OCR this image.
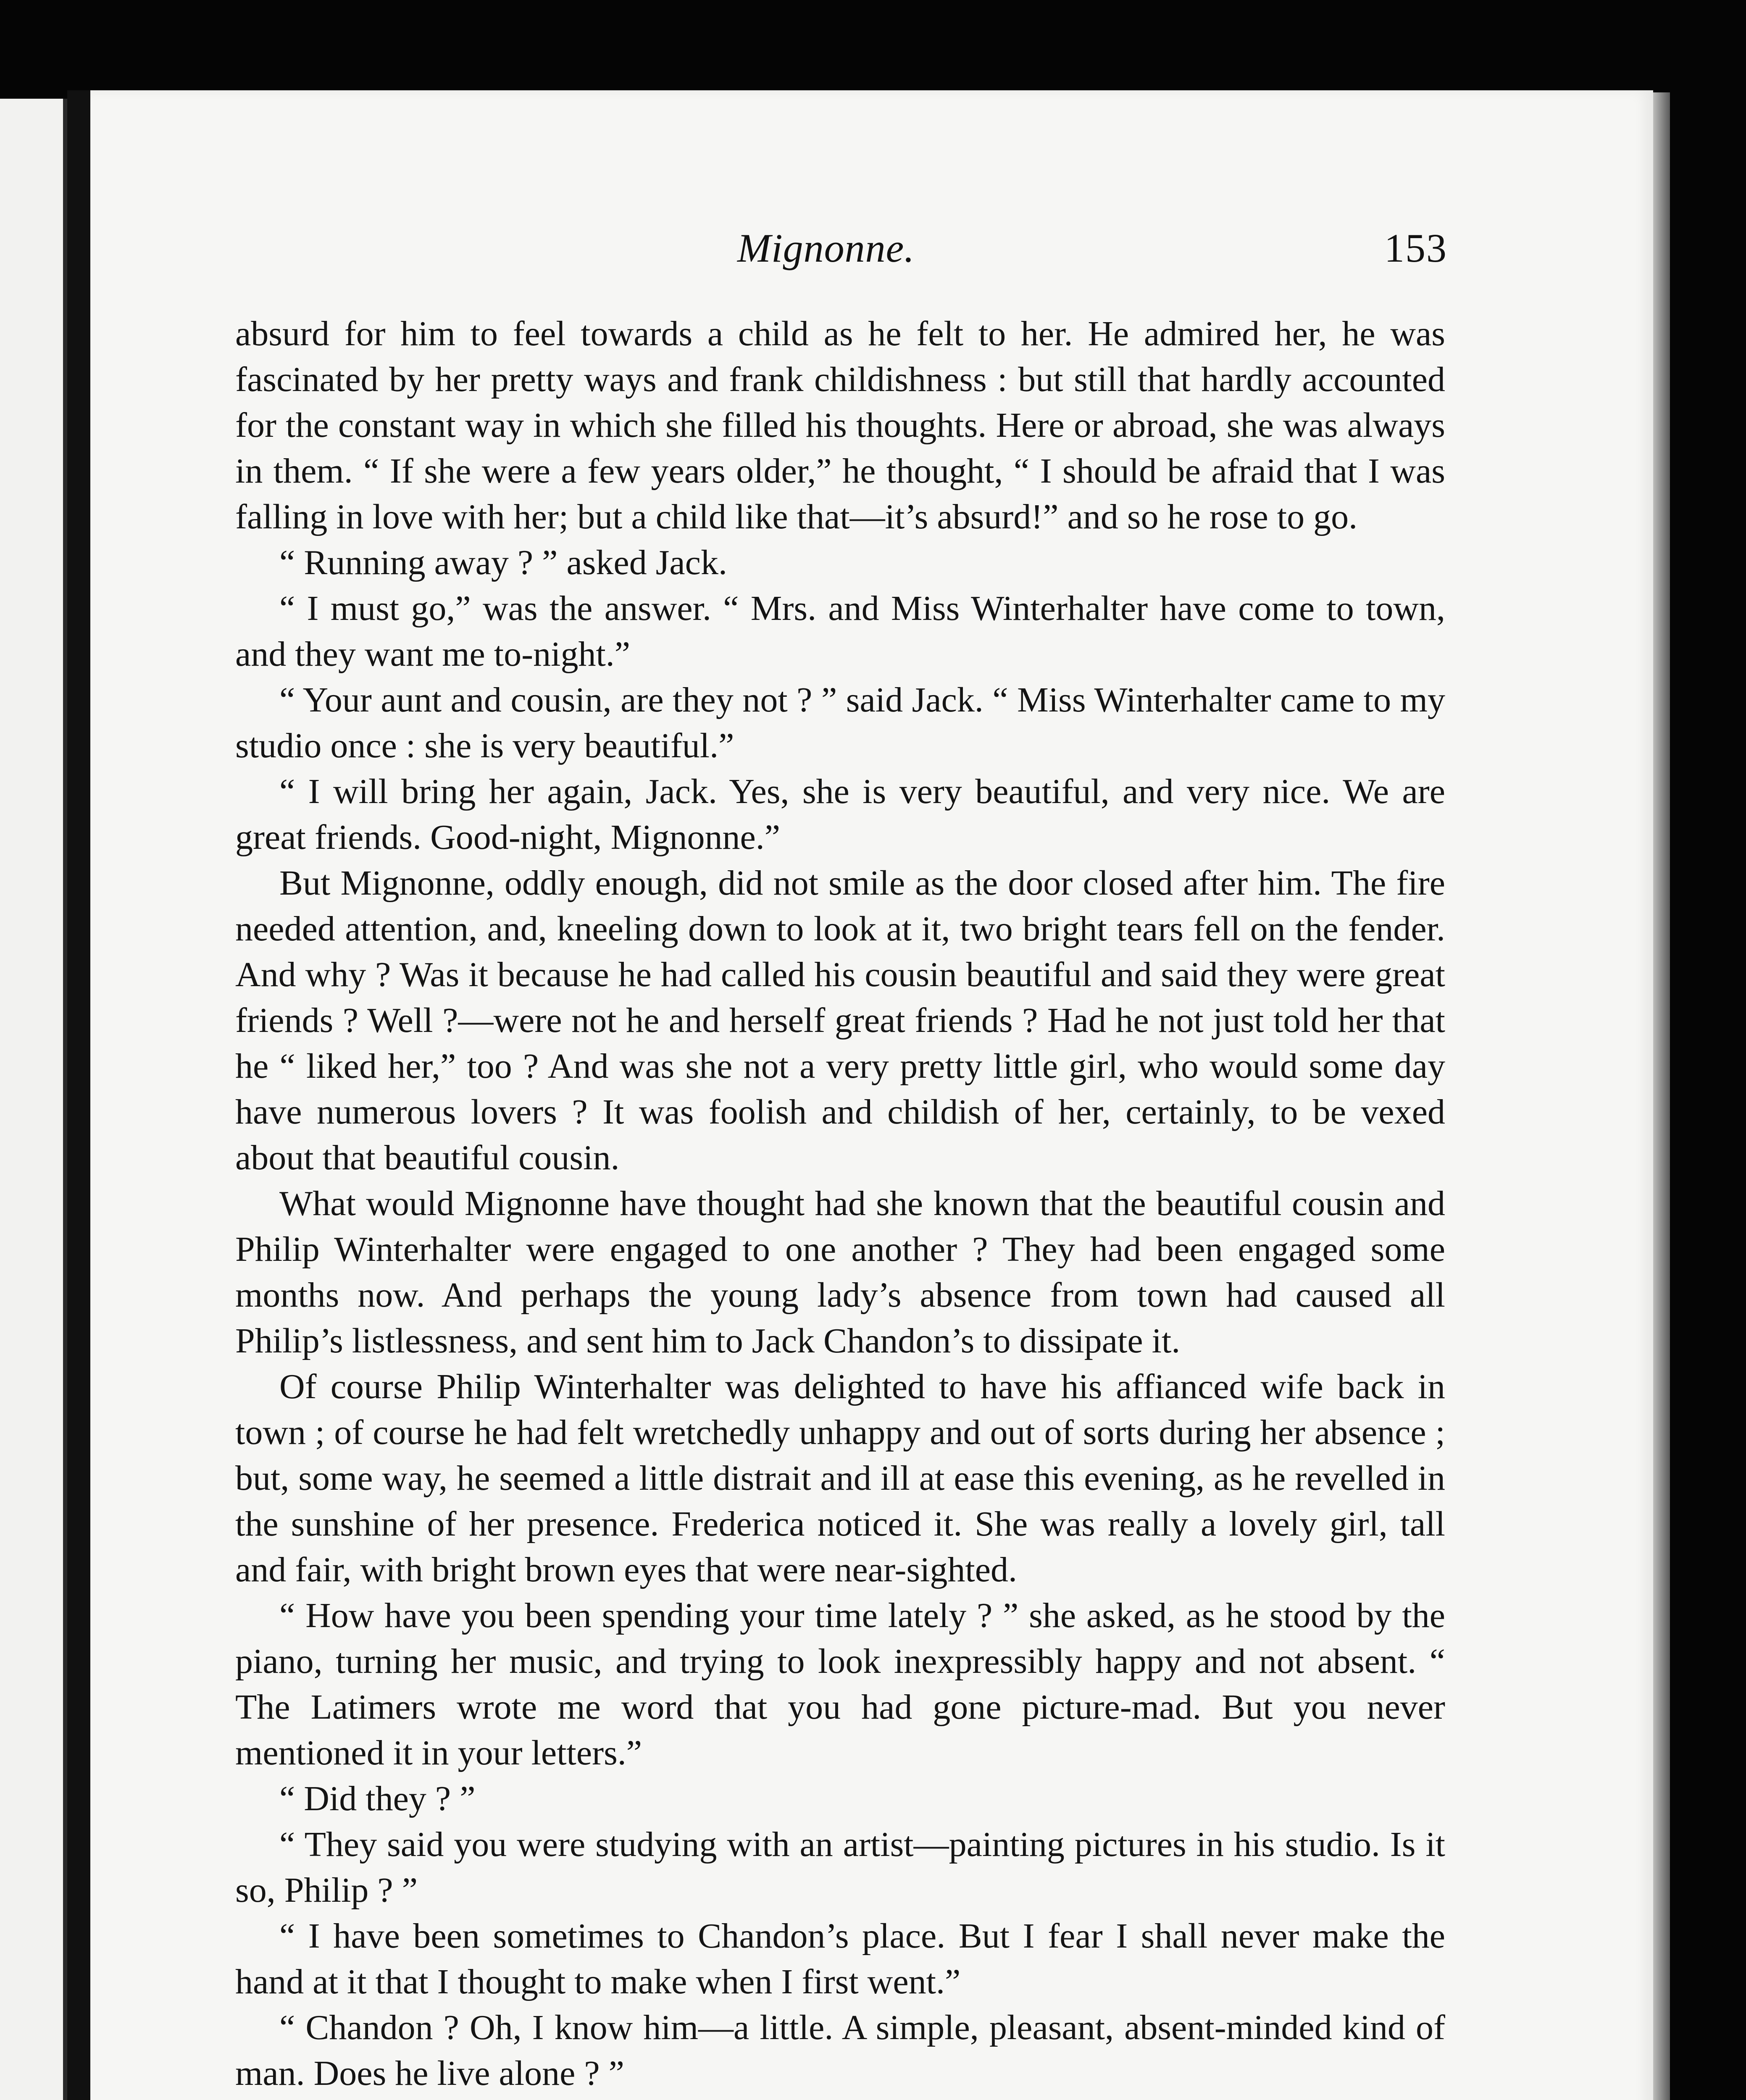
Mignonne.	153

absurd for him to feel towards a child as he felt to her. He admired her, he was fascinated by her pretty ways and frank childishness : but still that hardly accounted for the constant way in which she filled his thoughts. Here or abroad, she was always in them. “ If she were a few years older,” he thought, “ I should be afraid that I was falling in love with her; but a child like that—it’s absurd!” and so he rose to go.

“ Running away ? ” asked Jack.

“ I must go,” was the answer. “ Mrs. and Miss Winterhalter have come to town, and they want me to-night.”

“ Your aunt and cousin, are they not ? ” said Jack. “ Miss Winterhalter came to my studio once : she is very beautiful.”

“ I will bring her again, Jack. Yes, she is very beautiful, and very nice. We are great friends. Good-night, Mignonne.”

But Mignonne, oddly enough, did not smile as the door closed after him. The fire needed attention, and, kneeling down to look at it, two bright tears fell on the fender. And why ? Was it because he had called his cousin beautiful and said they were great friends ? Well ?—were not he and herself great friends ? Had he not just told her that he “ liked her,” too ? And was she not a very pretty little girl, who would some day have numerous lovers ? It was foolish and childish of her, certainly, to be vexed about that beautiful cousin.

What would Mignonne have thought had she known that the beautiful cousin and Philip Winterhalter were engaged to one another ? They had been engaged some months now. And perhaps the young lady’s absence from town had caused all Philip’s listlessness, and sent him to Jack Chandon’s to dissipate it.

Of course Philip Winterhalter was delighted to have his affianced wife back in town ; of course he had felt wretchedly unhappy and out of sorts during her absence ; but, some way, he seemed a little distrait and ill at ease this evening, as he revelled in the sunshine of her presence. Frederica noticed it. She was really a lovely girl, tall and fair, with bright brown eyes that were near-sighted.

“ How have you been spending your time lately ? ” she asked, as he stood by the piano, turning her music, and trying to look inexpressibly happy and not absent. “ The Latimers wrote me word that you had gone picture-mad. But you never mentioned it in your letters.”

“ Did they ? ”

“ They said you were studying with an artist—painting pictures in his studio. Is it so, Philip ? ”

“ I have been sometimes to Chandon’s place. But I fear I shall never make the hand at it that I thought to make when I first went.”

“ Chandon ? Oh, I know him—a little. A simple, pleasant, absent-minded kind of man. Does he live alone ? ”
